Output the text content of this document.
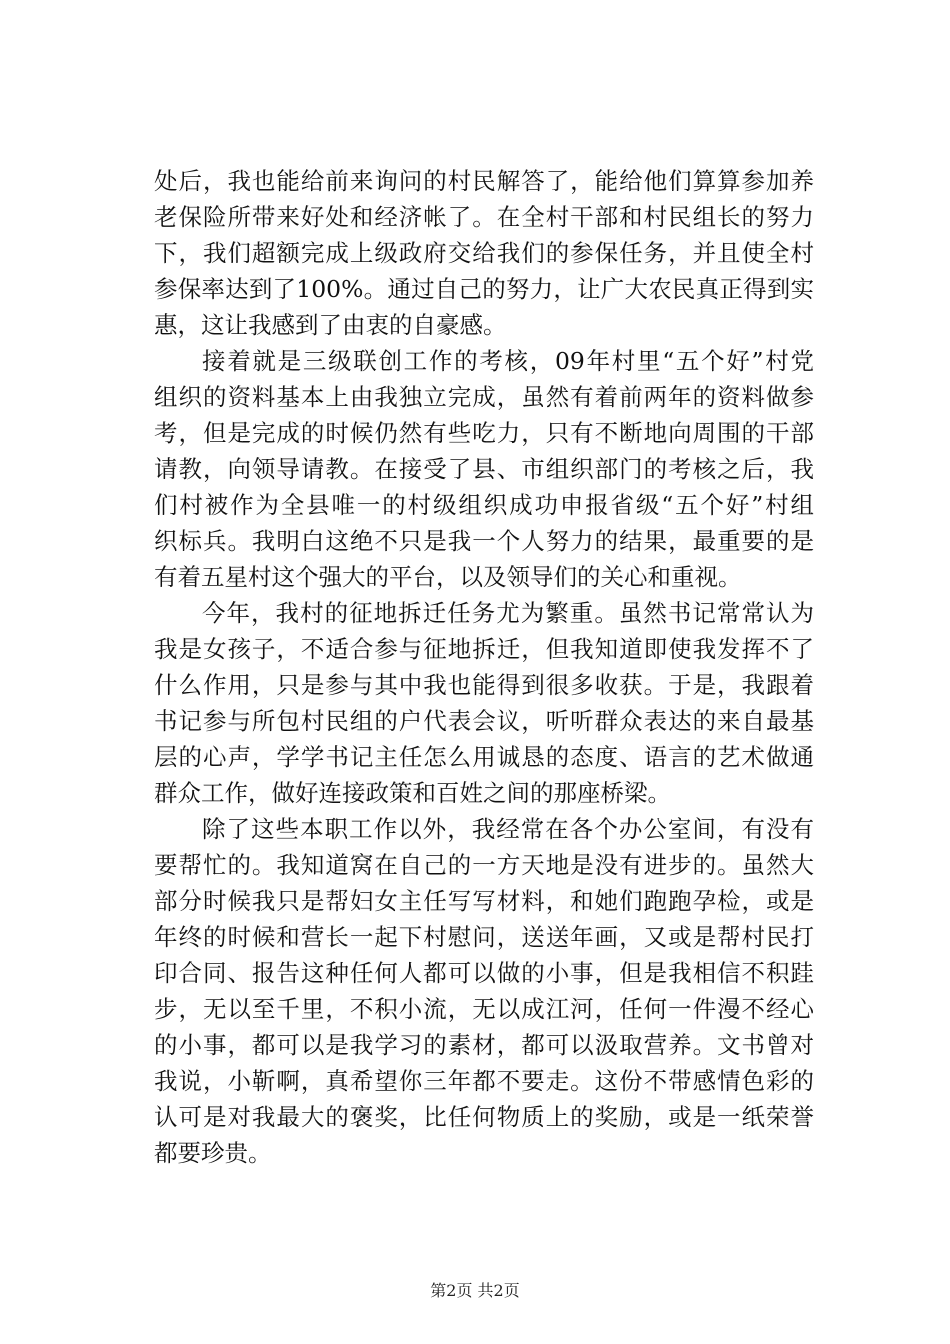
处后，我也能给前来询问的村民解答了，能给他们算算参加养
老保险所带来好处和经济帐了。在全村干部和村民组长的努力
下，我们超额完成上级政府交给我们的参保任务，并且使全村
参保率达到了100%。通过自己的努力，让广大农民真正得到实
惠，这让我感到了由衷的自豪感。
接着就是三级联创工作的考核，09年村里“五个好”村党
组织的资料基本上由我独立完成，虽然有着前两年的资料做参
考，但是完成的时候仍然有些吃力，只有不断地向周围的干部
请教，向领导请教。在接受了县、市组织部门的考核之后，我
们村被作为全县唯一的村级组织成功申报省级“五个好”村组
织标兵。我明白这绝不只是我一个人努力的结果，最重要的是
有着五星村这个强大的平台，以及领导们的关心和重视。
今年，我村的征地拆迁任务尤为繁重。虽然书记常常认为
我是女孩子，不适合参与征地拆迁，但我知道即使我发挥不了
什么作用，只是参与其中我也能得到很多收获。于是，我跟着
书记参与所包村民组的户代表会议，听听群众表达的来自最基
层的心声，学学书记主任怎么用诚恳的态度、语言的艺术做通
群众工作，做好连接政策和百姓之间的那座桥梁。
除了这些本职工作以外，我经常在各个办公室间，有没有
要帮忙的。我知道窝在自己的一方天地是没有进步的。虽然大
部分时候我只是帮妇女主任写写材料，和她们跑跑孕检，或是
年终的时候和营长一起下村慰问，送送年画，又或是帮村民打
印合同、报告这种任何人都可以做的小事，但是我相信不积跬
步，无以至千里，不积小流，无以成江河，任何一件漫不经心
的小事，都可以是我学习的素材，都可以汲取营养。文书曾对
我说，小靳啊，真希望你三年都不要走。这份不带感情色彩的
认可是对我最大的褒奖，比任何物质上的奖励，或是一纸荣誉
都要珍贵。
第2页 共2页
